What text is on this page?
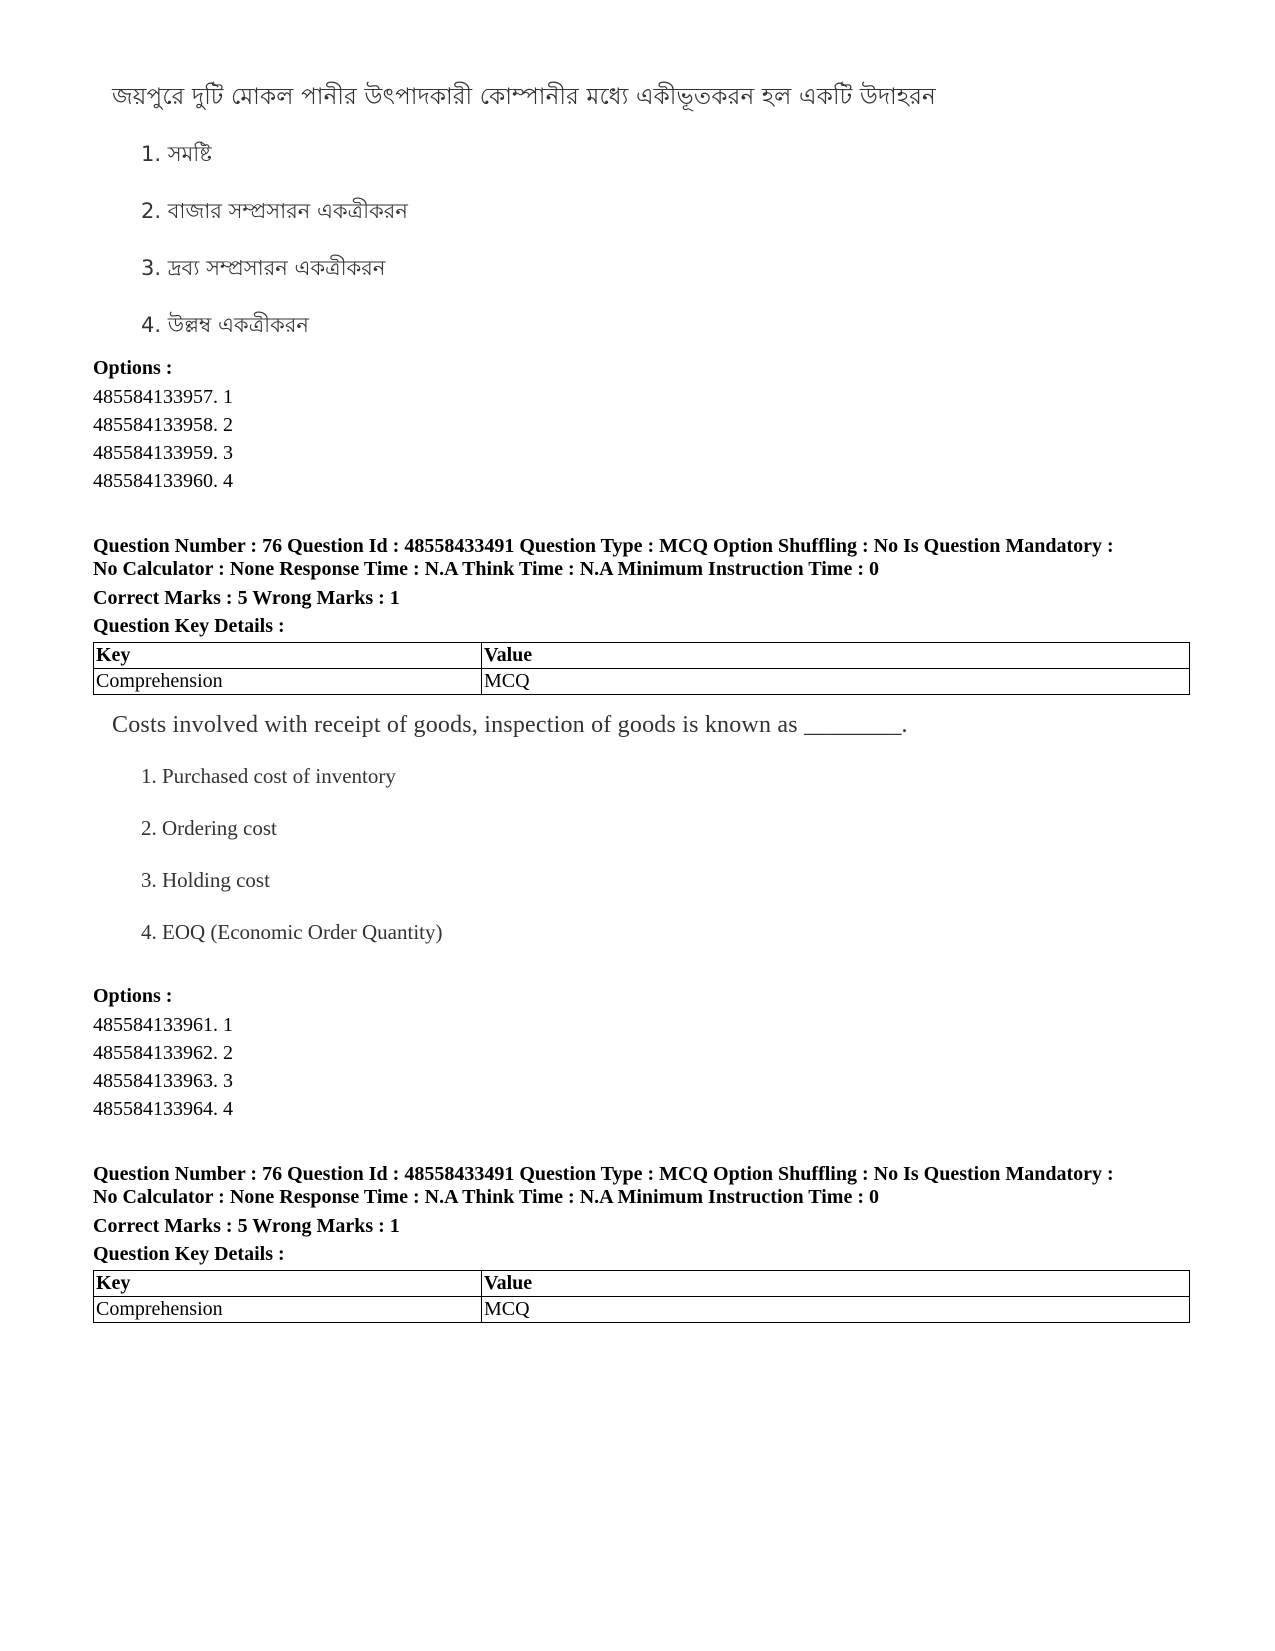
জয়পুরে দুটি মোকল পানীর উৎপাদকারী কোম্পানীর মধ্যে একীভূতকরন হল একটি উদাহরন
1. সমষ্টি
2. বাজার সম্প্রসারন একত্রীকরন
3. দ্রব্য সম্প্রসারন একত্রীকরন
4. উল্লম্ব একত্রীকরন
Options :
485584133957. 1
485584133958. 2
485584133959. 3
485584133960. 4
Question Number : 76 Question Id : 48558433491 Question Type : MCQ Option Shuffling : No Is Question Mandatory :
No Calculator : None Response Time : N.A Think Time : N.A Minimum Instruction Time : 0
Correct Marks : 5 Wrong Marks : 1
Question Key Details :
Key	Value
Comprehension	MCQ
Costs involved with receipt of goods, inspection of goods is known as ________.
1. Purchased cost of inventory
2. Ordering cost
3. Holding cost
4. EOQ (Economic Order Quantity)
Options :
485584133961. 1
485584133962. 2
485584133963. 3
485584133964. 4
Question Number : 76 Question Id : 48558433491 Question Type : MCQ Option Shuffling : No Is Question Mandatory :
No Calculator : None Response Time : N.A Think Time : N.A Minimum Instruction Time : 0
Correct Marks : 5 Wrong Marks : 1
Question Key Details :
Key	Value
Comprehension	MCQ
